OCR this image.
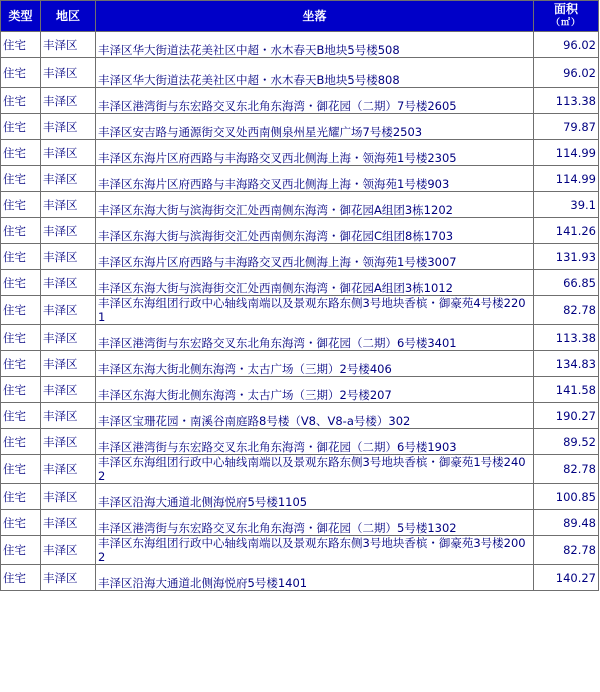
类型	地区	坐落	面积
（㎡）

住宅	丰泽区	丰泽区华大街道法花美社区中超・水木春天B地块5号楼508	96.02
住宅	丰泽区	丰泽区华大街道法花美社区中超・水木春天B地块5号楼808	96.02
住宅	丰泽区	丰泽区港湾街与东宏路交叉东北角东海湾・御花园（二期）7号楼2605	113.38
住宅	丰泽区	丰泽区安吉路与通源街交叉处西南侧泉州星光耀广场7号楼2503	79.87
住宅	丰泽区	丰泽区东海片区府西路与丰海路交叉西北侧海上海・领海苑1号楼2305	114.99
住宅	丰泽区	丰泽区东海片区府西路与丰海路交叉西北侧海上海・领海苑1号楼903	114.99
住宅	丰泽区	丰泽区东海大街与滨海街交汇处西南侧东海湾・御花园A组团3栋1202	39.1
住宅	丰泽区	丰泽区东海大街与滨海街交汇处西南侧东海湾・御花园C组团8栋1703	141.26
住宅	丰泽区	丰泽区东海片区府西路与丰海路交叉西北侧海上海・领海苑1号楼3007	131.93
住宅	丰泽区	丰泽区东海大街与滨海街交汇处西南侧东海湾・御花园A组团3栋1012	66.85
住宅	丰泽区	丰泽区东海组团行政中心轴线南端以及景观东路东侧3号地块香槟・御豪苑4号楼2201	82.78
住宅	丰泽区	丰泽区港湾街与东宏路交叉东北角东海湾・御花园（二期）6号楼3401	113.38
住宅	丰泽区	丰泽区东海大街北侧东海湾・太古广场（三期）2号楼406	134.83
住宅	丰泽区	丰泽区东海大街北侧东海湾・太古广场（三期）2号楼207	141.58
住宅	丰泽区	丰泽区宝珊花园・南溪谷南庭路8号楼（V8、V8-a号楼）302	190.27
住宅	丰泽区	丰泽区港湾街与东宏路交叉东北角东海湾・御花园（二期）6号楼1903	89.52
住宅	丰泽区	丰泽区东海组团行政中心轴线南端以及景观东路东侧3号地块香槟・御豪苑1号楼2402	82.78
住宅	丰泽区	丰泽区沿海大通道北侧海悦府5号楼1105	100.85
住宅	丰泽区	丰泽区港湾街与东宏路交叉东北角东海湾・御花园（二期）5号楼1302	89.48
住宅	丰泽区	丰泽区东海组团行政中心轴线南端以及景观东路东侧3号地块香槟・御豪苑3号楼2002	82.78
住宅	丰泽区	丰泽区沿海大通道北侧海悦府5号楼1401	140.27
